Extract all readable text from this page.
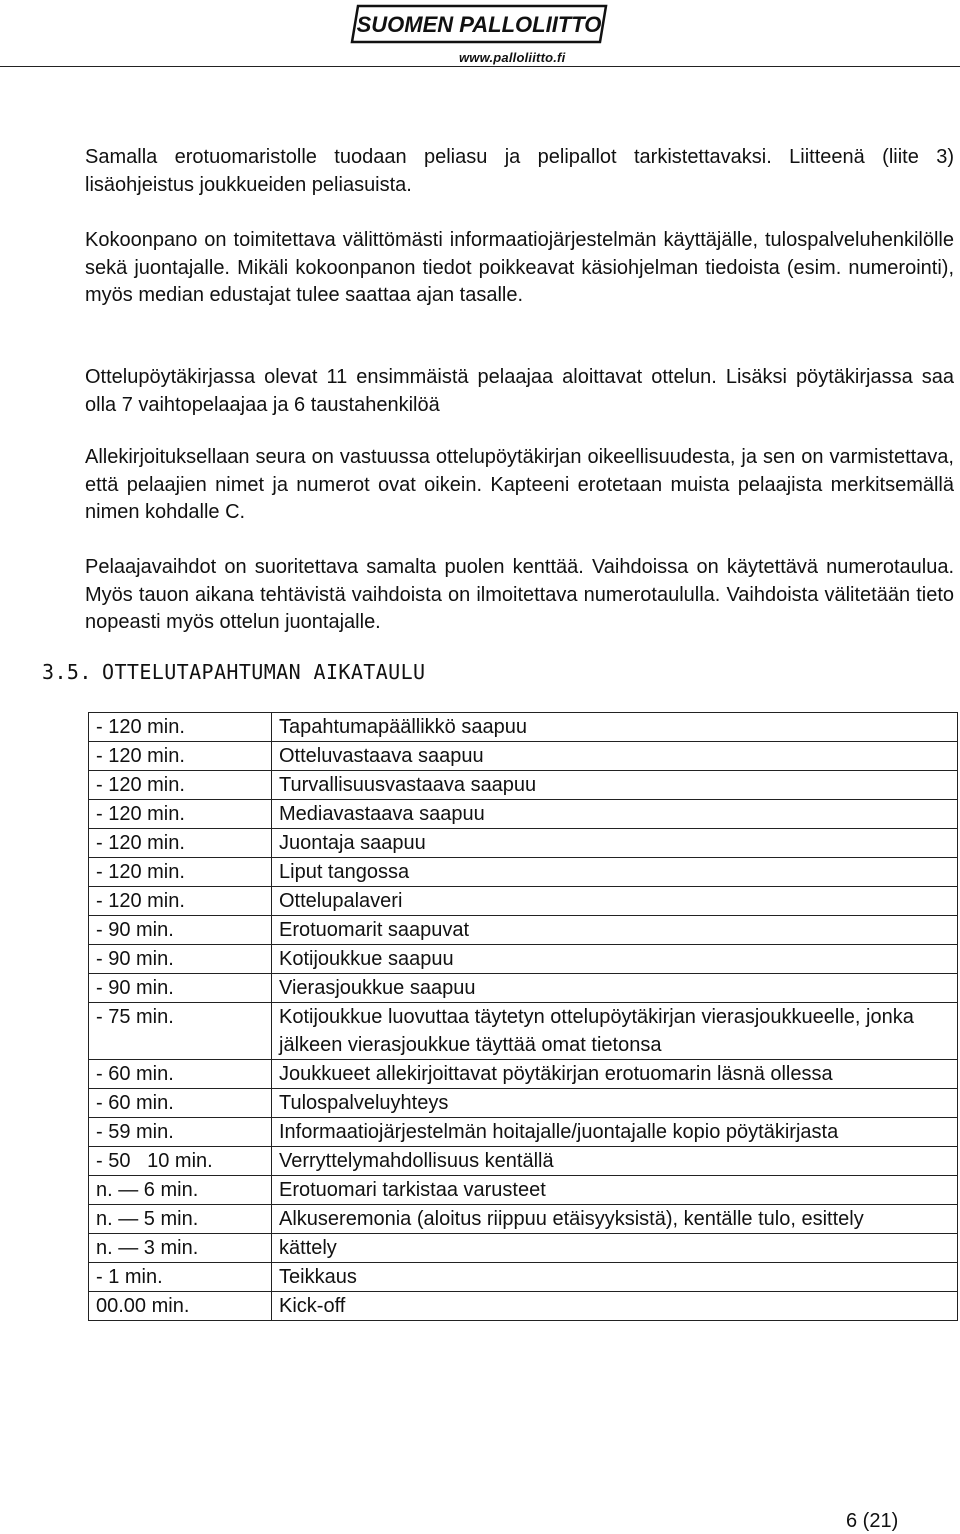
SUOMEN PALLOLIITTO
www.palloliitto.fi

Samalla erotuomaristolle tuodaan peliasu ja pelipallot tarkistettavaksi. Liitteenä (liite 3) lisäohjeistus joukkueiden peliasuista.

Kokoonpano on toimitettava välittömästi informaatiojärjestelmän käyttäjälle, tulospalveluhenkilölle sekä juontajalle. Mikäli kokoonpanon tiedot poikkeavat käsiohjelman tiedoista (esim. numerointi), myös median edustajat tulee saattaa ajan tasalle.

Ottelupöytäkirjassa olevat 11 ensimmäistä pelaajaa aloittavat ottelun. Lisäksi pöytäkirjassa saa olla 7 vaihtopelaajaa ja 6 taustahenkilöä

Allekirjoituksellaan seura on vastuussa ottelupöytäkirjan oikeellisuudesta, ja sen on varmistettava, että pelaajien nimet ja numerot ovat oikein. Kapteeni erotetaan muista pelaajista merkitsemällä nimen kohdalle C.

Pelaajavaihdot on suoritettava samalta puolen kenttää. Vaihdoissa on käytettävä numerotaulua. Myös tauon aikana tehtävistä vaihdoista on ilmoitettava numerotaululla. Vaihdoista välitetään tieto nopeasti myös ottelun juontajalle.

3.5. OTTELUTAPAHTUMAN AIKATAULU
- 120 min.	Tapahtumapäällikkö saapuu
- 120 min.	Otteluvastaava saapuu
- 120 min.	Turvallisuusvastaava saapuu
- 120 min.	Mediavastaava saapuu
- 120 min.	Juontaja saapuu
- 120 min.	Liput tangossa
- 120 min.	Ottelupalaveri
- 90 min.	Erotuomarit saapuvat
- 90 min.	Kotijoukkue saapuu
- 90 min.	Vierasjoukkue saapuu
- 75 min.	Kotijoukkue luovuttaa täytetyn ottelupöytäkirjan vierasjoukkueelle, jonka jälkeen vierasjoukkue täyttää omat tietonsa
- 60 min.	Joukkueet allekirjoittavat pöytäkirjan erotuomarin läsnä ollessa
- 60 min.	Tulospalveluyhteys
- 59 min.	Informaatiojärjestelmän hoitajalle/juontajalle kopio pöytäkirjasta
- 50   10 min.	Verryttelymahdollisuus kentällä
n. — 6 min.	Erotuomari tarkistaa varusteet
n. — 5 min.	Alkuseremonia (aloitus riippuu etäisyyksistä), kentälle tulo, esittely
n. — 3 min.	kättely
- 1 min.	Teikkaus
00.00 min.	Kick-off
6 (21)
